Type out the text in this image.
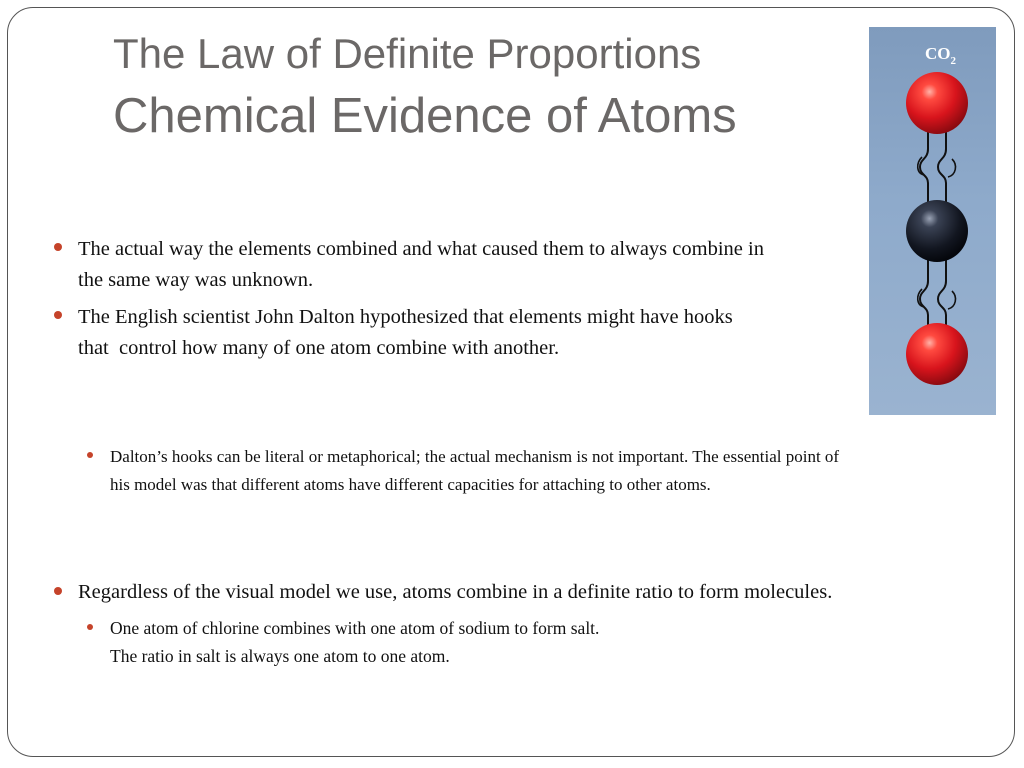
The Law of Definite Proportions
Chemical Evidence of Atoms
$CO_2$
The actual way the elements combined and what caused them to always combine in
the same way was unknown.
The English scientist John Dalton hypothesized that elements might have hooks
that  control how many of one atom combine with another.
Dalton’s hooks can be literal or metaphorical; the actual mechanism is not important. The essential point of
his model was that different atoms have different capacities for attaching to other atoms.
Regardless of the visual model we use, atoms combine in a definite ratio to form molecules.
One atom of chlorine combines with one atom of sodium to form salt.
The ratio in salt is always one atom to one atom.
